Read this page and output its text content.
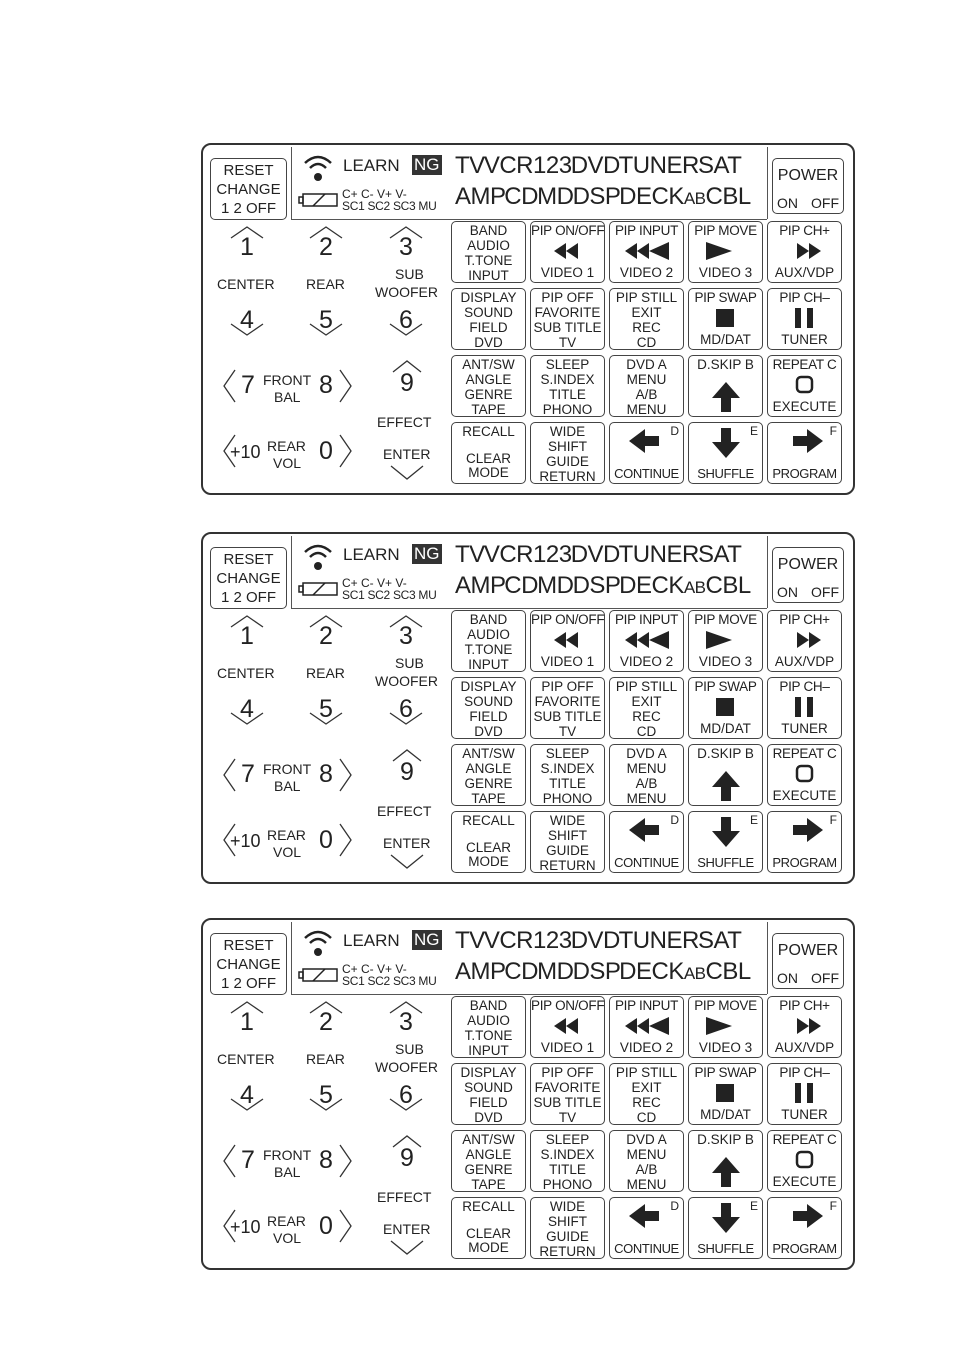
RESET
CHANGE
1 2 OFF
C+ C- V+ V-
SC1 SC2 SC3 MU
LEARN NG TV VCR123 DVD TUNER SAT
AMP CD MD DSP DECKABCBL
POWER
ON OFF
1	2	3
CENTER REAR
SUB
WOOFER
4	5	6
7 FRONT
BAL 8	9
EFFECT
+10 REAR
VOL 0	ENTER
BAND
AUDIO
T.TONE
INPUT
PIP ON/OFF
VIDEO 1
PIP INPUT
VIDEO 2
PIP MOVE
VIDEO 3
PIP CH+
AUX/VDP
DISPLAY
SOUND
FIELD
DVD
PIP OFF
FAVORITE
SUB TITLE
TV
PIP STILL
EXIT
REC
CD
PIP SWAP
MD/DAT
PIP CH–
TUNER
ANT/SW
ANGLE
GENRE
TAPE
SLEEP
S.INDEX
TITLE
PHONO
DVD A
MENU
A/B
MENU
D.SKIP B	REPEAT C
EXECUTE
RECALL
CLEAR
MODE
WIDE
SHIFT
GUIDE
RETURN
D
CONTINUE
E
SHUFFLE
F
PROGRAM
RESET
CHANGE
1 2 OFF
C+ C- V+ V-
SC1 SC2 SC3 MU
LEARN NG TV VCR123 DVD TUNER SAT
AMP CD MD DSP DECKABCBL
POWER
ON OFF
1	2	3
CENTER REAR
SUB
WOOFER
4	5	6
7 FRONT
BAL 8	9
EFFECT
+10 REAR
VOL 0	ENTER
BAND
AUDIO
T.TONE
INPUT
PIP ON/OFF
VIDEO 1
PIP INPUT
VIDEO 2
PIP MOVE
VIDEO 3
PIP CH+
AUX/VDP
DISPLAY
SOUND
FIELD
DVD
PIP OFF
FAVORITE
SUB TITLE
TV
PIP STILL
EXIT
REC
CD
PIP SWAP
MD/DAT
PIP CH–
TUNER
ANT/SW
ANGLE
GENRE
TAPE
SLEEP
S.INDEX
TITLE
PHONO
DVD A
MENU
A/B
MENU
D.SKIP B	REPEAT C
EXECUTE
RECALL
CLEAR
MODE
WIDE
SHIFT
GUIDE
RETURN
D
CONTINUE
E
SHUFFLE
F
PROGRAM
RESET
CHANGE
1 2 OFF
C+ C- V+ V-
SC1 SC2 SC3 MU
LEARN NG TV VCR123 DVD TUNER SAT
AMP CD MD DSP DECKABCBL
POWER
ON OFF
1	2	3
CENTER REAR
SUB
WOOFER
4	5	6
7 FRONT
BAL 8	9
EFFECT
+10 REAR
VOL 0	ENTER
BAND
AUDIO
T.TONE
INPUT
PIP ON/OFF
VIDEO 1
PIP INPUT
VIDEO 2
PIP MOVE
VIDEO 3
PIP CH+
AUX/VDP
DISPLAY
SOUND
FIELD
DVD
PIP OFF
FAVORITE
SUB TITLE
TV
PIP STILL
EXIT
REC
CD
PIP SWAP
MD/DAT
PIP CH–
TUNER
ANT/SW
ANGLE
GENRE
TAPE
SLEEP
S.INDEX
TITLE
PHONO
DVD A
MENU
A/B
MENU
D.SKIP B	REPEAT C
EXECUTE
RECALL
CLEAR
MODE
WIDE
SHIFT
GUIDE
RETURN
D
CONTINUE
E
SHUFFLE
F
PROGRAM
